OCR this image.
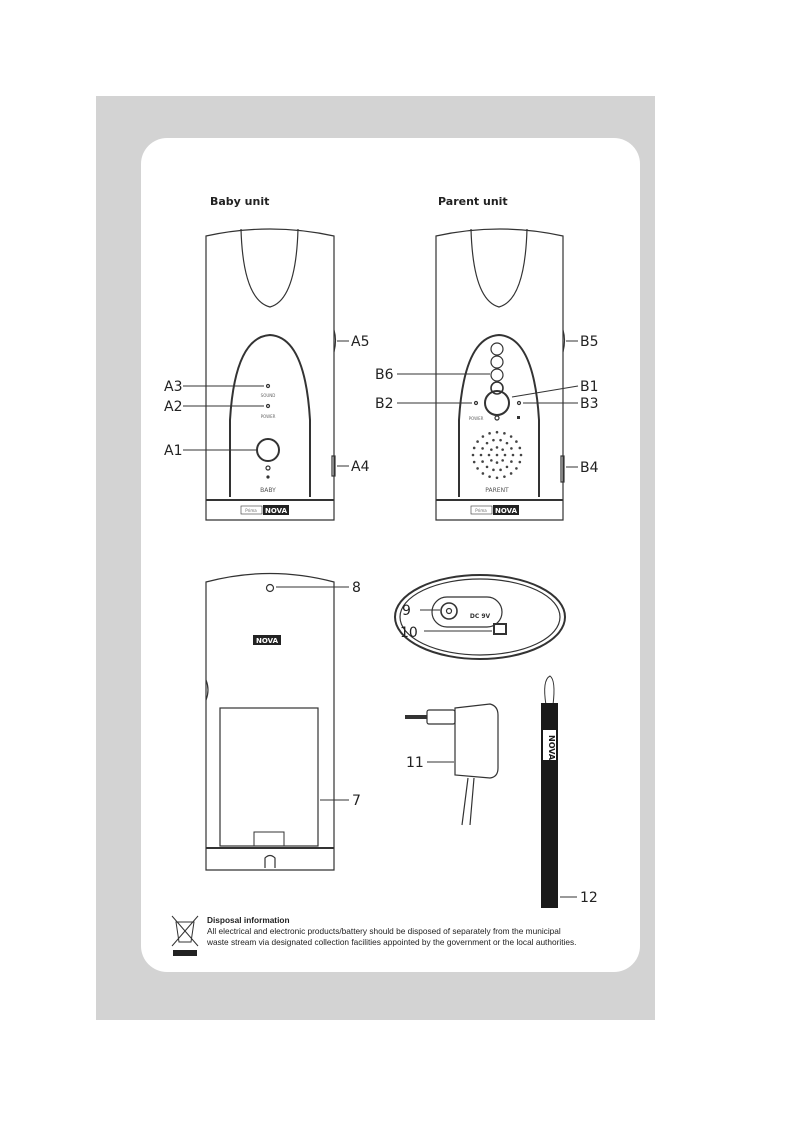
Baby unit	Parent unit
SOUND
POWER
BABY
Prima NOVA
A5
A3
A2
A1
A4
POWER
PARENT
Prima NOVA
B5
B6
B1
B2	B3
B4
NOVA
8
7
DC 9V
9
10
11
NOVA
12
Disposal information
All electrical and electronic products/battery should be disposed of separately from the municipal
waste stream via designated collection facilities appointed by the government or the local authorities.
